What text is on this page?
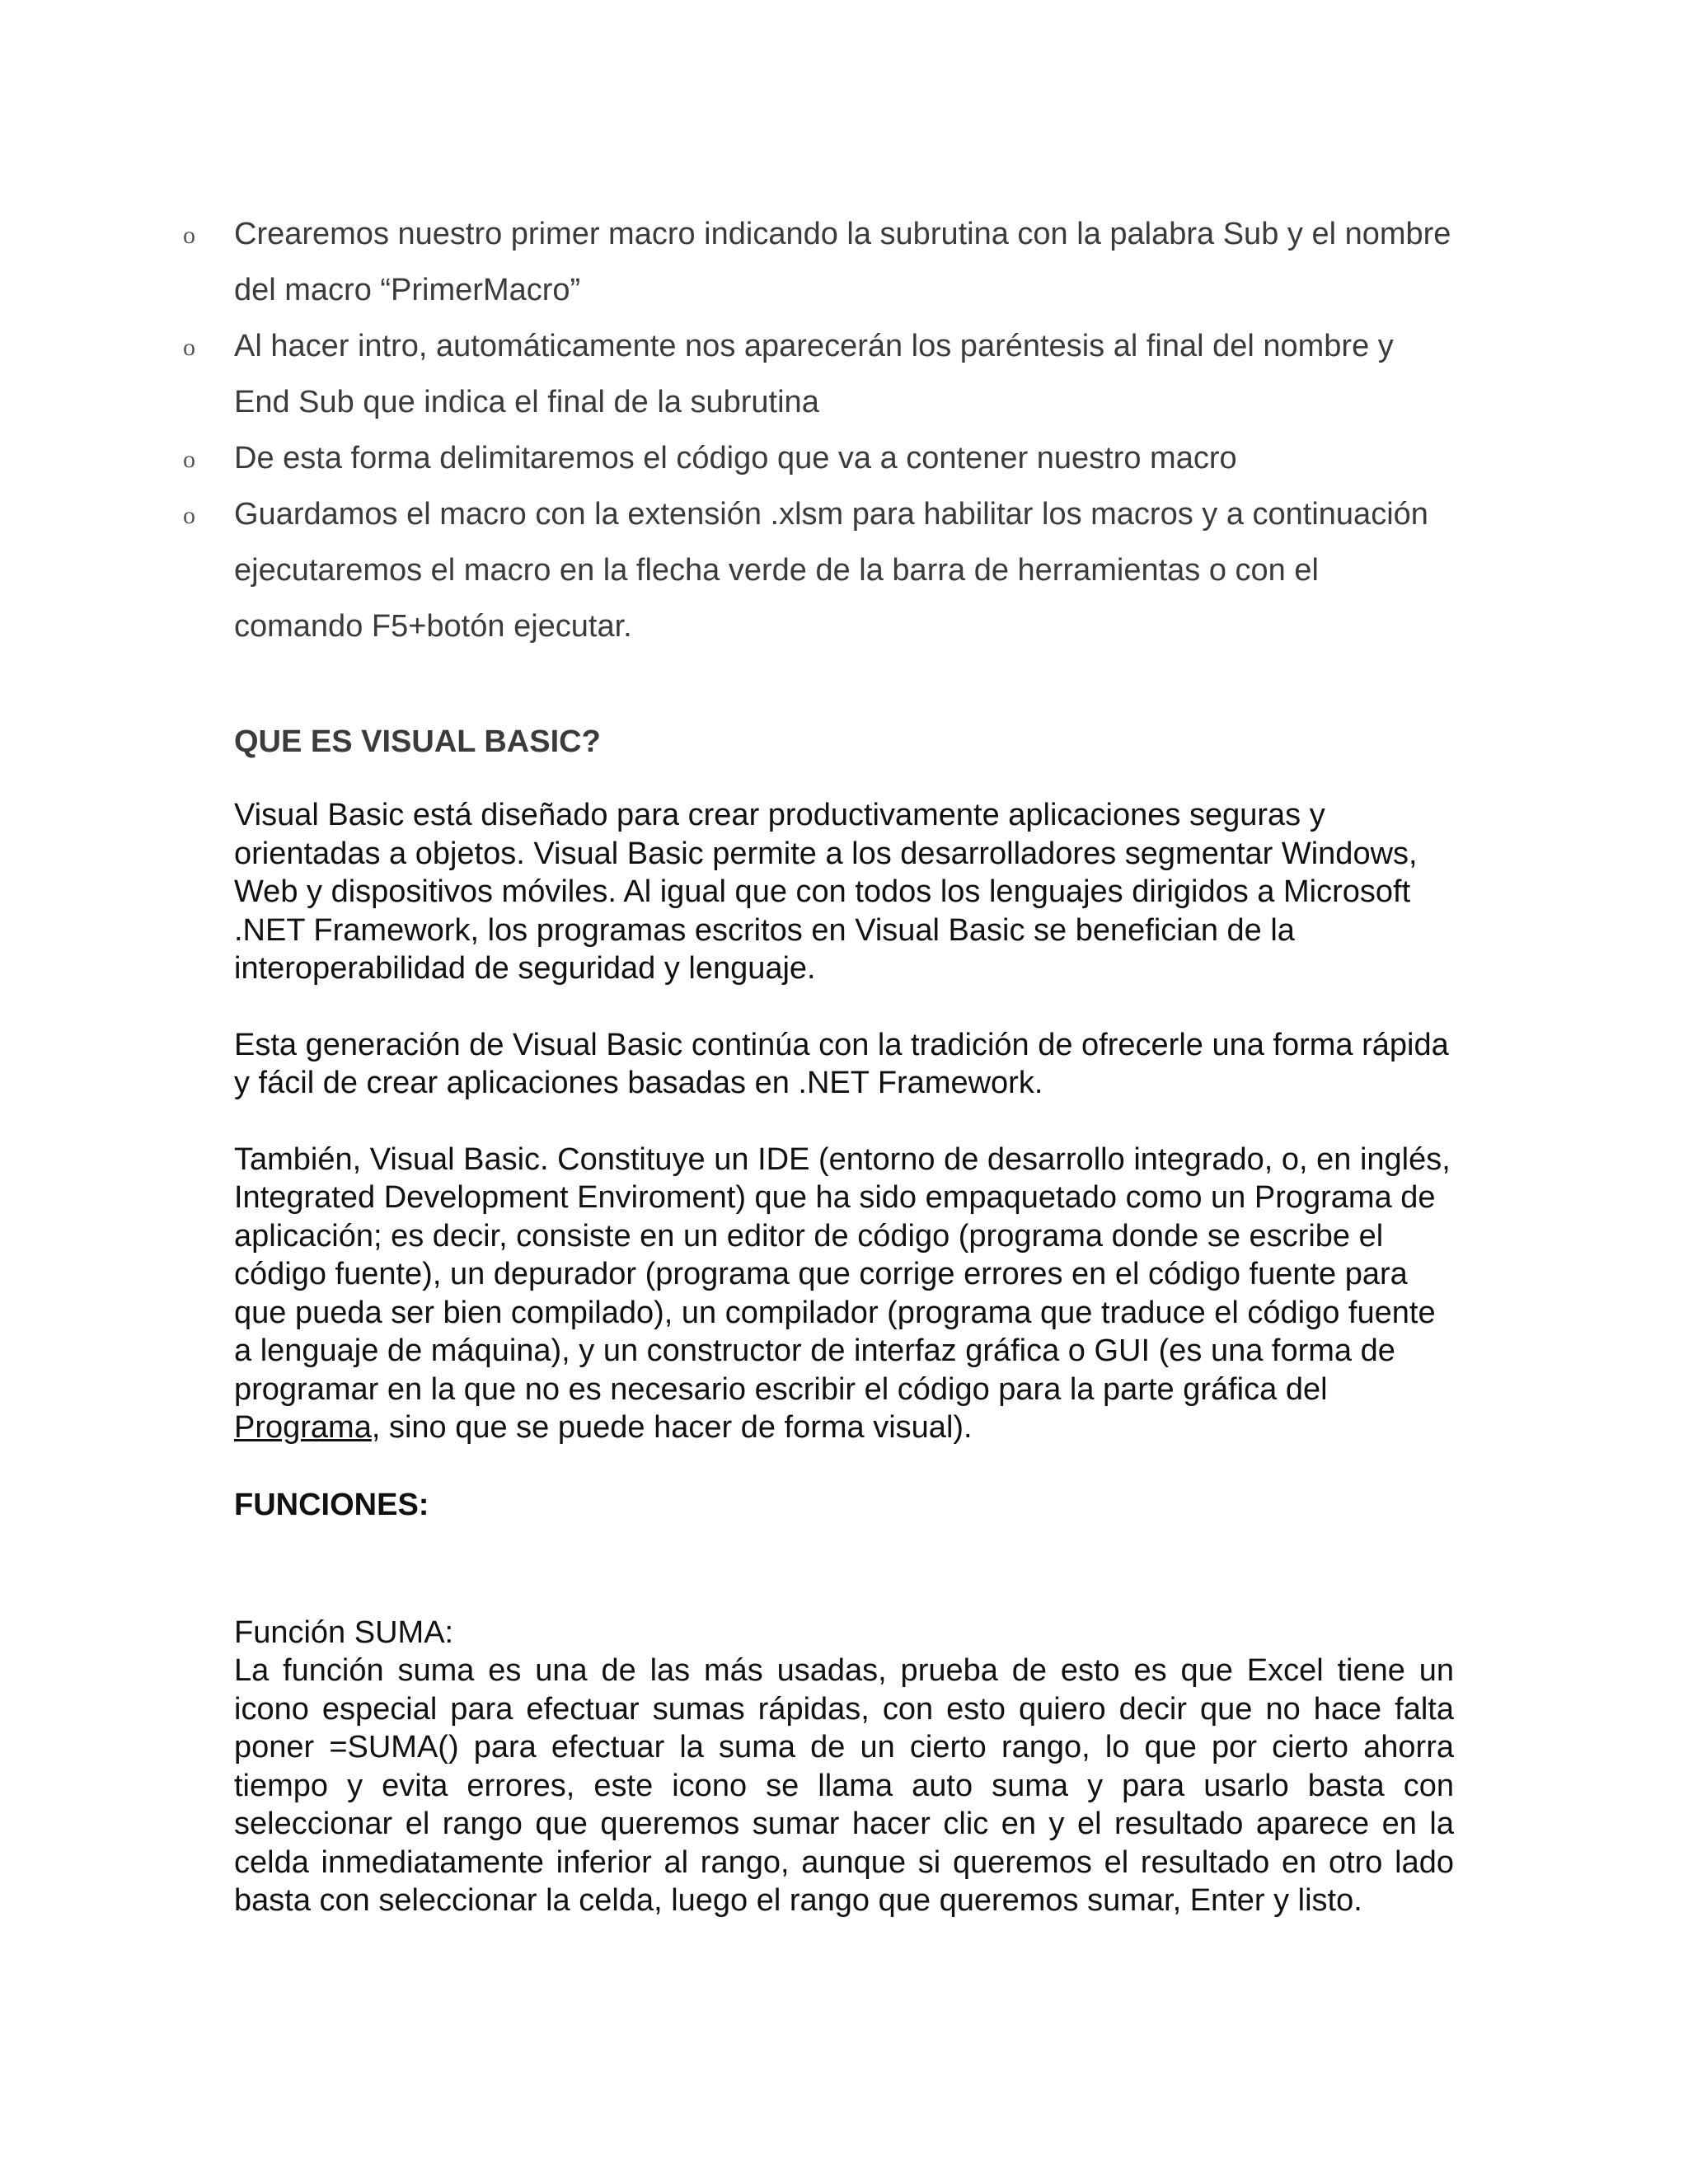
o Crearemos nuestro primer macro indicando la subrutina con la palabra Sub y el nombre del macro “PrimerMacro”
o Al hacer intro, automáticamente nos aparecerán los paréntesis al final del nombre y End Sub que indica el final de la subrutina
o De esta forma delimitaremos el código que va a contener nuestro macro
o Guardamos el macro con la extensión .xlsm para habilitar los macros y a continuación ejecutaremos el macro en la flecha verde de la barra de herramientas o con el comando F5+botón ejecutar.
QUE ES VISUAL BASIC?

Visual Basic está diseñado para crear productivamente aplicaciones seguras y orientadas a objetos. Visual Basic permite a los desarrolladores segmentar Windows, Web y dispositivos móviles. Al igual que con todos los lenguajes dirigidos a Microsoft .NET Framework, los programas escritos en Visual Basic se benefician de la interoperabilidad de seguridad y lenguaje.

Esta generación de Visual Basic continúa con la tradición de ofrecerle una forma rápida y fácil de crear aplicaciones basadas en .NET Framework.

También, Visual Basic. Constituye un IDE (entorno de desarrollo integrado, o, en inglés, Integrated Development Enviroment) que ha sido empaquetado como un Programa de aplicación; es decir, consiste en un editor de código (programa donde se escribe el código fuente), un depurador (programa que corrige errores en el código fuente para que pueda ser bien compilado), un compilador (programa que traduce el código fuente a lenguaje de máquina), y un constructor de interfaz gráfica o GUI (es una forma de programar en la que no es necesario escribir el código para la parte gráfica del Programa, sino que se puede hacer de forma visual).

FUNCIONES:

Función SUMA:

La función suma es una de las más usadas, prueba de esto es que Excel tiene un icono especial para efectuar sumas rápidas, con esto quiero decir que no hace falta poner =SUMA() para efectuar la suma de un cierto rango, lo que por cierto ahorra tiempo y evita errores, este icono se llama auto suma y para usarlo basta con seleccionar el rango que queremos sumar hacer clic en y el resultado aparece en la celda inmediatamente inferior al rango, aunque si queremos el resultado en otro lado basta con seleccionar la celda, luego el rango que queremos sumar, Enter y listo.
